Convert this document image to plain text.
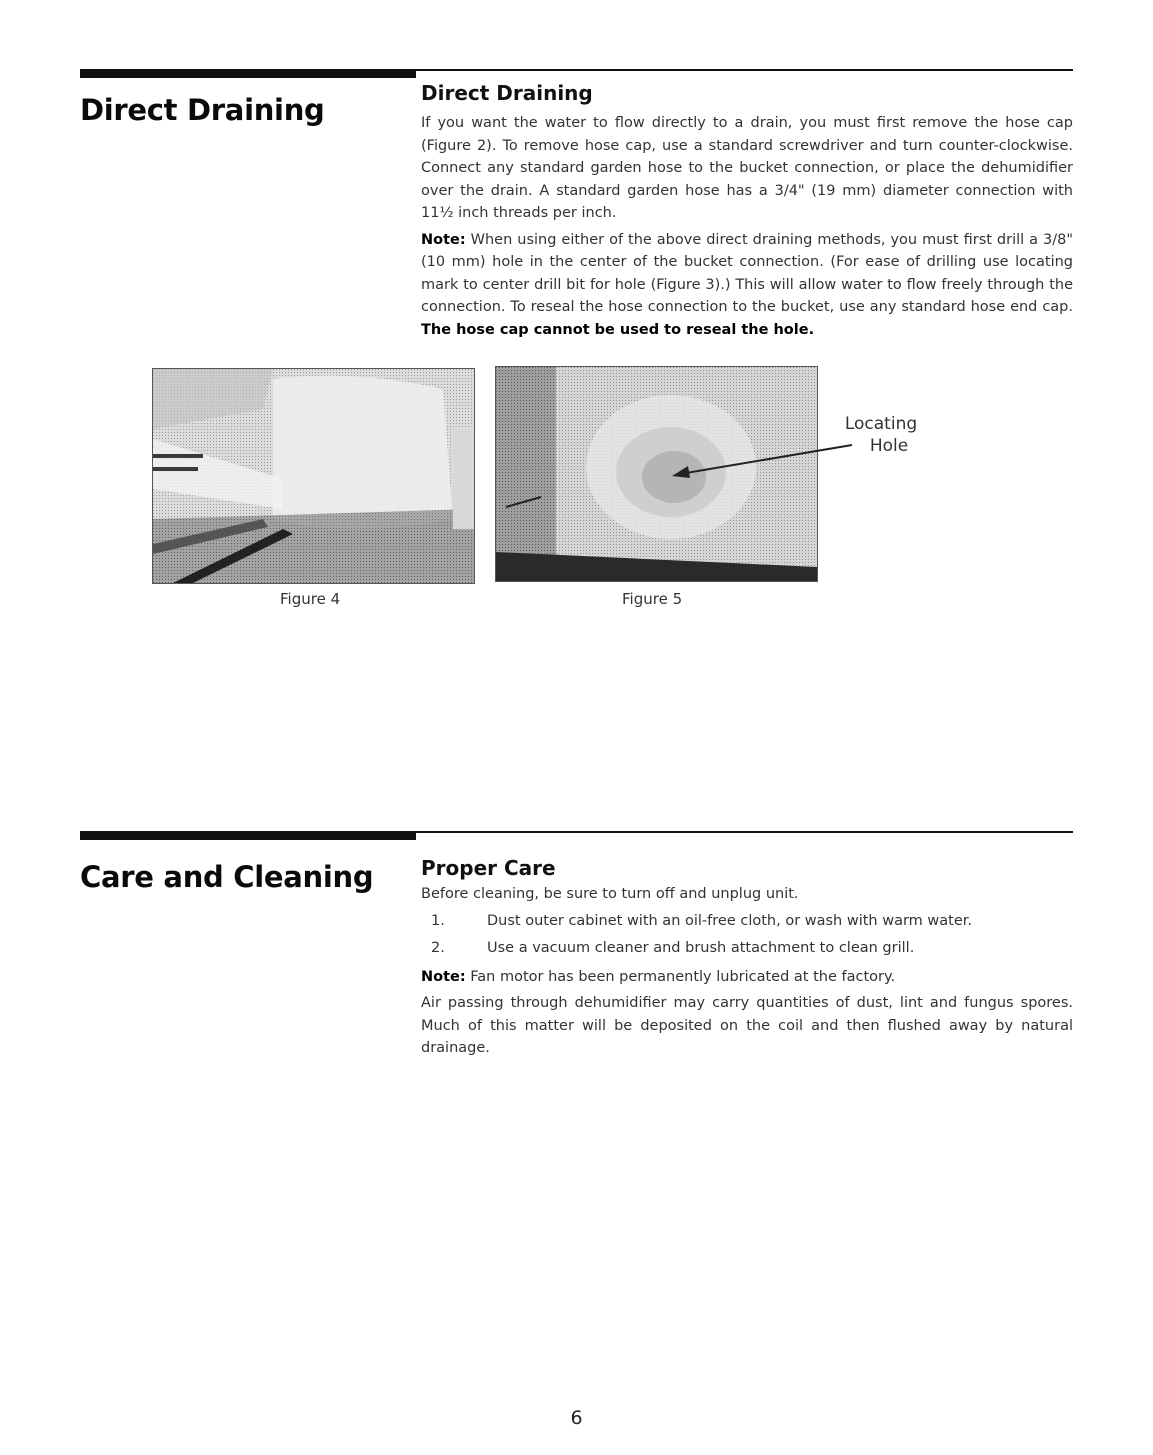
Direct Draining	Direct Draining

If you want the water to flow directly to a drain, you must first remove the hose cap (Figure 2). To remove hose cap, use a standard screwdriver and turn counter-clockwise. Connect any standard garden hose to the bucket connection, or place the dehumidifier over the drain. A standard garden hose has a 3/4" (19 mm) diameter connection with 11½ inch threads per inch.

Note: When using either of the above direct draining methods, you must first drill a 3/8" (10 mm) hole in the center of the bucket connection. (For ease of drilling use locating mark to center drill bit for hole (Figure 3).) This will allow water to flow freely through the connection. To reseal the hose connection to the bucket, use any standard hose end cap. The hose cap cannot be used to reseal the hole.

Locating
Hole
Figure 4	Figure 5
Care and Cleaning Proper Care

Before cleaning, be sure to turn off and unplug unit.

1.	Dust outer cabinet with an oil-free cloth, or wash with warm water.
2.	Use a vacuum cleaner and brush attachment to clean grill.

Note: Fan motor has been permanently lubricated at the factory.

Air passing through dehumidifier may carry quantities of dust, lint and fungus spores. Much of this matter will be deposited on the coil and then flushed away by natural drainage.

6
